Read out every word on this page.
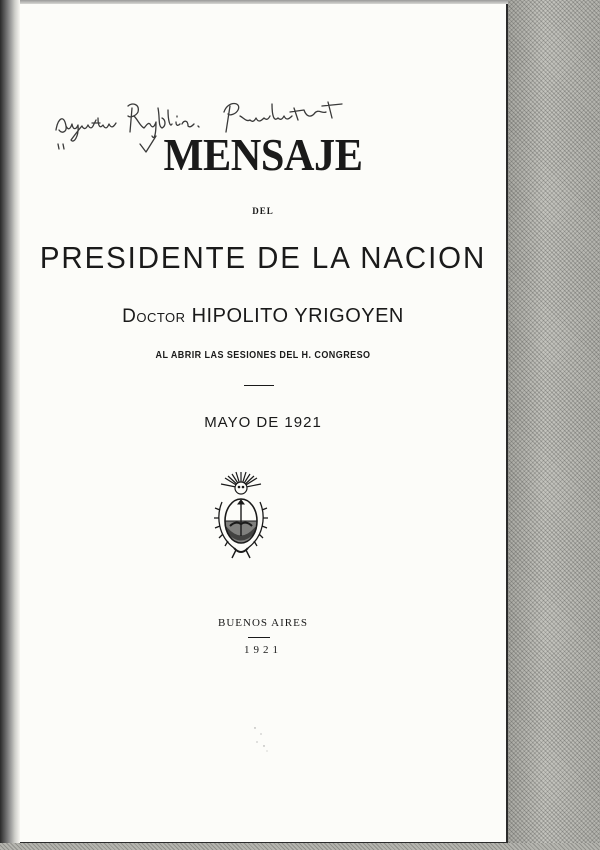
MENSAJE
DEL
PRESIDENTE DE LA NACION
Doctor HIPOLITO YRIGOYEN
AL ABRIR LAS SESIONES DEL H. CONGRESO
MAYO DE 1921
BUENOS AIRES
1921
